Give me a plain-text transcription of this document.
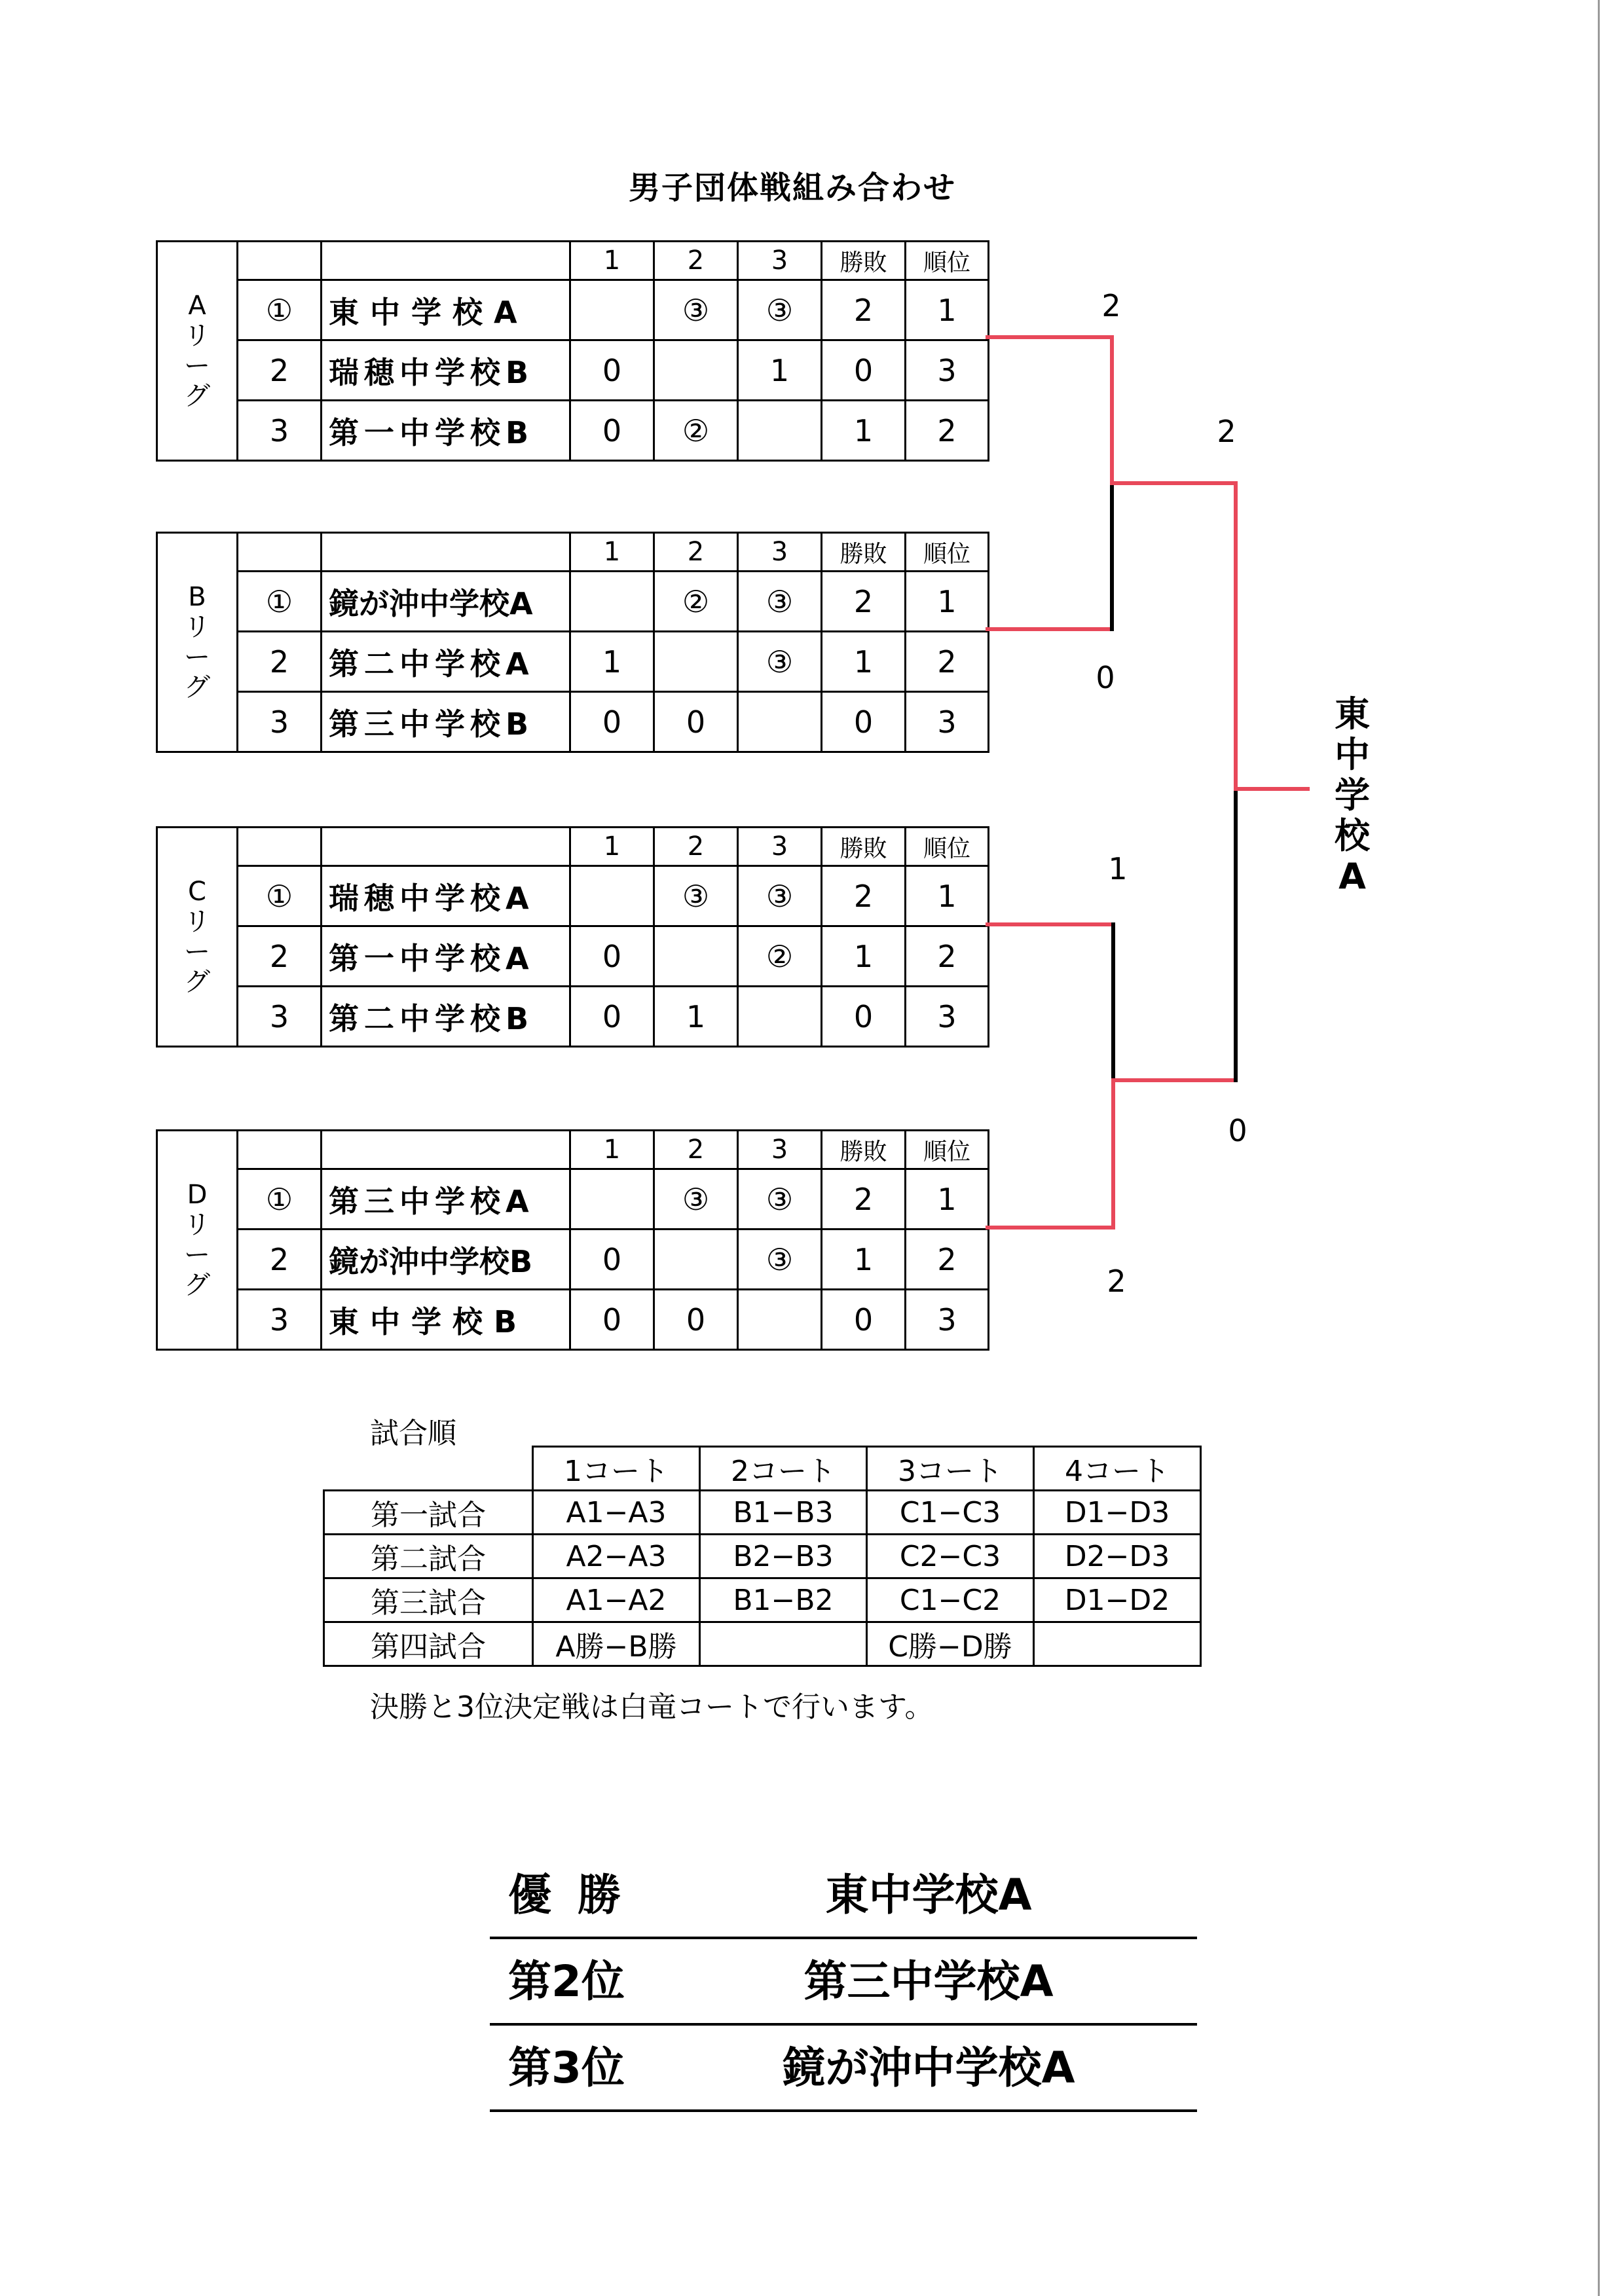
男子団体戦組み合わせ
A
リ
ー
グ			1	2	3	勝敗	順位
	①	東中学校A		③	③	2	1
	2	瑞穂中学校B	0		1	0	3
	3	第一中学校B	0	②		1	2
B
リ
ー
グ			1	2	3	勝敗	順位
	①	鏡が沖中学校A		②	③	2	1
	2	第二中学校A	1		③	1	2
	3	第三中学校B	0	0		0	3
C
リ
ー
グ			1	2	3	勝敗	順位
	①	瑞穂中学校A		③	③	2	1
	2	第一中学校A	0		②	1	2
	3	第二中学校B	0	1		0	3
D
リ
ー
グ			1	2	3	勝敗	順位
	①	第三中学校A		③	③	2	1
	2	鏡が沖中学校B	0		③	1	2
	3	東中学校B	0	0		0	3
2
0
1
2
2
0
東
中
学
校
A
試合順
	1コート	2コート	3コート	4コート
第一試合	A1−A3	B1−B3	C1−C3	D1−D3
第二試合	A2−A3	B2−B3	C2−C3	D2−D3
第三試合	A1−A2	B1−B2	C1−C2	D1−D2
第四試合	A勝−B勝		C勝−D勝	
決勝と3位決定戦は白竜コートで行います。
優勝	東中学校A
第2位	第三中学校A
第3位	鏡が沖中学校A
